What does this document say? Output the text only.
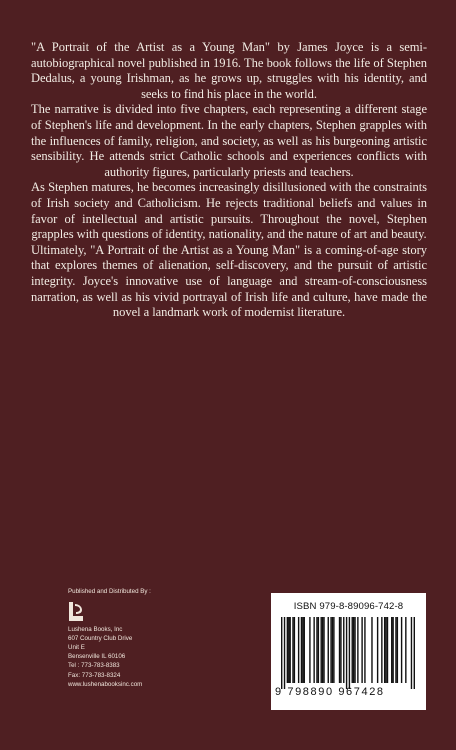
"A Portrait of the Artist as a Young Man" by James Joyce is a semi-autobiographical novel published in 1916. The book follows the life of Stephen Dedalus, a young Irishman, as he grows up, struggles with his identity, and seeks to find his place in the world.

The narrative is divided into five chapters, each representing a different stage of Stephen's life and development. In the early chapters, Stephen grapples with the influences of family, religion, and society, as well as his burgeoning artistic sensibility. He attends strict Catholic schools and experiences conflicts with authority figures, particularly priests and teachers.

As Stephen matures, he becomes increasingly disillusioned with the constraints of Irish society and Catholicism. He rejects traditional beliefs and values in favor of intellectual and artistic pursuits. Throughout the novel, Stephen grapples with questions of identity, nationality, and the nature of art and beauty.

Ultimately, "A Portrait of the Artist as a Young Man" is a coming-of-age story that explores themes of alienation, self-discovery, and the pursuit of artistic integrity. Joyce's innovative use of language and stream-of-consciousness narration, as well as his vivid portrayal of Irish life and culture, have made the novel a landmark work of modernist literature.

Published and Distributed By :
Lushena Books, Inc
607 Country Club Drive
Unit E
Bensenville IL 60106
Tel : 773-783-8383
Fax: 773-783-8324
www.lushenabooksinc.com
ISBN 979-8-89096-742-8
9 798890 967428
